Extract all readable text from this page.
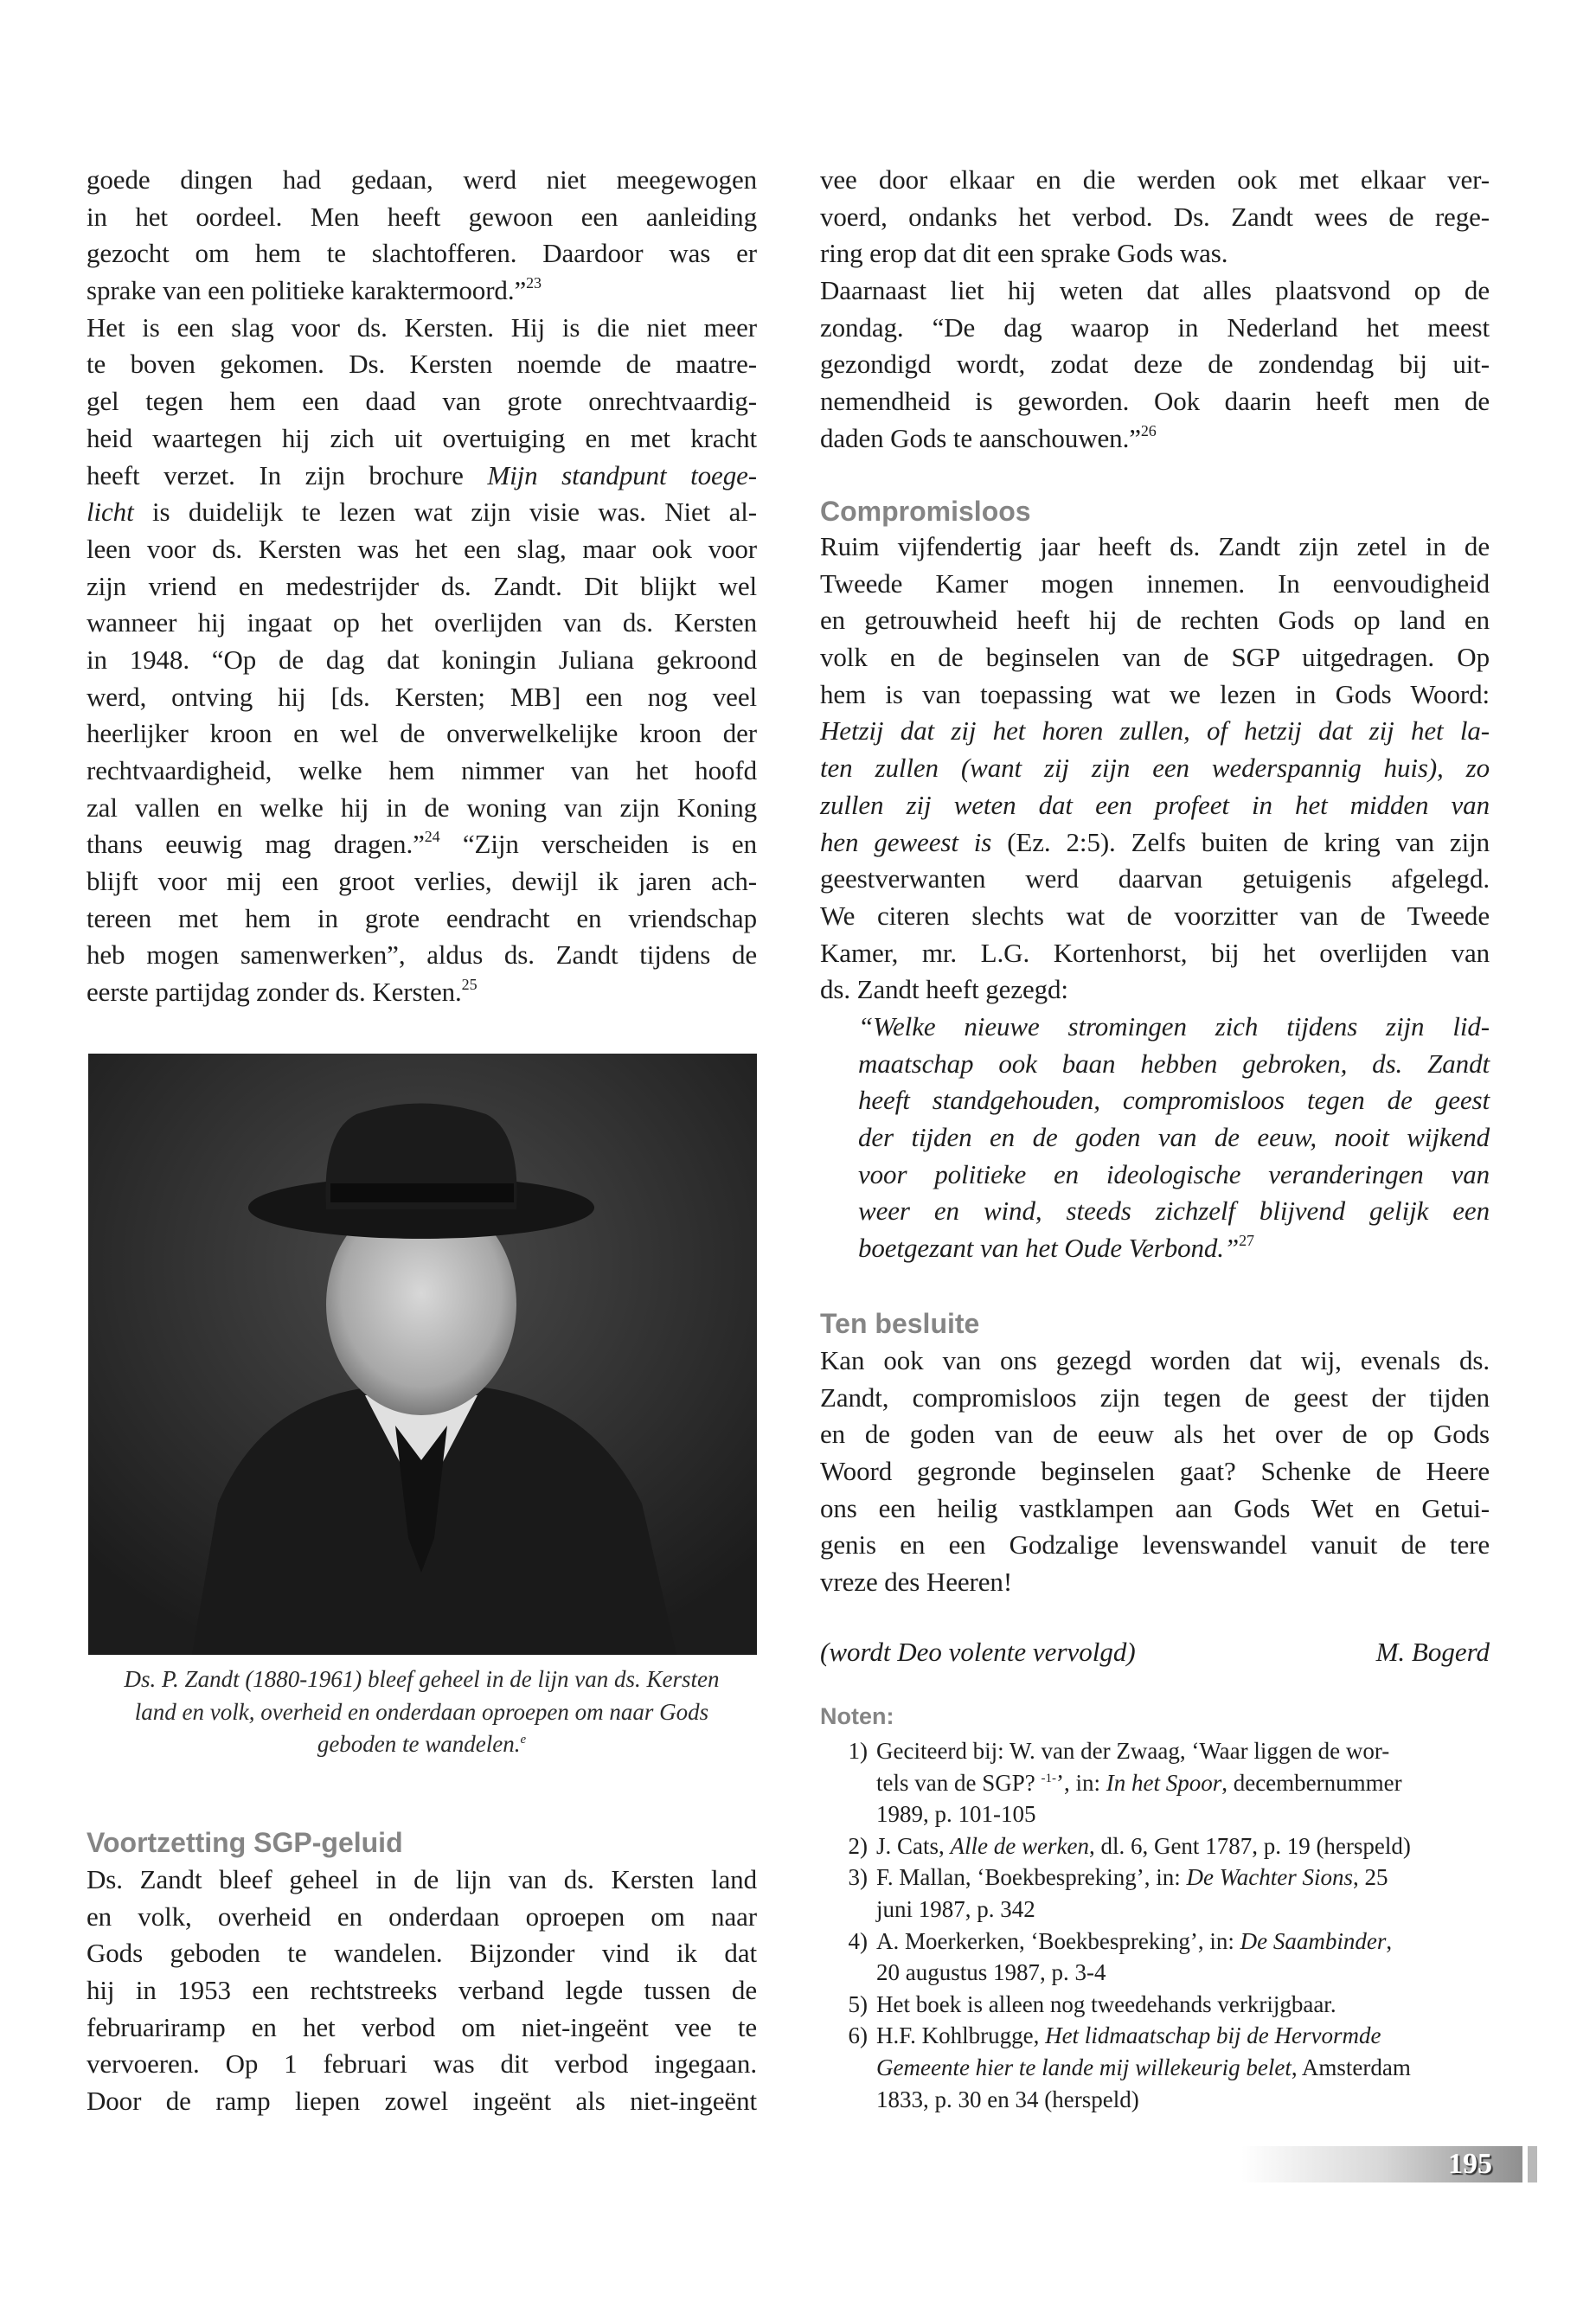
goede dingen had gedaan, werd niet meegewogen
in het oordeel. Men heeft gewoon een aanleiding
gezocht om hem te slachtofferen. Daardoor was er
sprake van een politieke karaktermoord.”$^{23}$
Het is een slag voor ds. Kersten. Hij is die niet meer
te boven gekomen. Ds. Kersten noemde de maatre-
gel tegen hem een daad van grote onrechtvaardig-
heid waartegen hij zich uit overtuiging en met kracht
heeft verzet. In zijn brochure Mijn standpunt toege-
licht is duidelijk te lezen wat zijn visie was. Niet al-
leen voor ds. Kersten was het een slag, maar ook voor
zijn vriend en medestrijder ds. Zandt. Dit blijkt wel
wanneer hij ingaat op het overlijden van ds. Kersten
in 1948. “Op de dag dat koningin Juliana gekroond
werd, ontving hij [ds. Kersten; MB] een nog veel
heerlijker kroon en wel de onverwelkelijke kroon der
rechtvaardigheid, welke hem nimmer van het hoofd
zal vallen en welke hij in de woning van zijn Koning
thans eeuwig mag dragen.”$^{24}$ “Zijn verscheiden is en
blijft voor mij een groot verlies, dewijl ik jaren ach-
tereen met hem in grote eendracht en vriendschap
heb mogen samenwerken”, aldus ds. Zandt tijdens de
eerste partijdag zonder ds. Kersten.$^{25}$
Ds. P. Zandt (1880-1961) bleef geheel in de lijn van ds. Kersten
land en volk, overheid en onderdaan oproepen om naar Gods
geboden te wandelen.$^e$
Voortzetting SGP-geluid
Ds. Zandt bleef geheel in de lijn van ds. Kersten land
en volk, overheid en onderdaan oproepen om naar
Gods geboden te wandelen. Bijzonder vind ik dat
hij in 1953 een rechtstreeks verband legde tussen de
februariramp en het verbod om niet-ingeënt vee te
vervoeren. Op 1 februari was dit verbod ingegaan.
Door de ramp liepen zowel ingeënt als niet-ingeënt
vee door elkaar en die werden ook met elkaar ver-
voerd, ondanks het verbod. Ds. Zandt wees de rege-
ring erop dat dit een sprake Gods was.
Daarnaast liet hij weten dat alles plaatsvond op de
zondag. “De dag waarop in Nederland het meest
gezondigd wordt, zodat deze de zondendag bij uit-
nemendheid is geworden. Ook daarin heeft men de
daden Gods te aanschouwen.”$^{26}$
Compromisloos
Ruim vijfendertig jaar heeft ds. Zandt zijn zetel in de
Tweede Kamer mogen innemen. In eenvoudigheid
en getrouwheid heeft hij de rechten Gods op land en
volk en de beginselen van de SGP uitgedragen. Op
hem is van toepassing wat we lezen in Gods Woord:
Hetzij dat zij het horen zullen, of hetzij dat zij het la-
ten zullen (want zij zijn een wederspannig huis), zo
zullen zij weten dat een profeet in het midden van
hen geweest is (Ez. 2:5). Zelfs buiten de kring van zijn
geestverwanten werd daarvan getuigenis afgelegd.
We citeren slechts wat de voorzitter van de Tweede
Kamer, mr. L.G. Kortenhorst, bij het overlijden van
ds. Zandt heeft gezegd:
“Welke nieuwe stromingen zich tijdens zijn lid-
maatschap ook baan hebben gebroken, ds. Zandt
heeft standgehouden, compromisloos tegen de geest
der tijden en de goden van de eeuw, nooit wijkend
voor politieke en ideologische veranderingen van
weer en wind, steeds zichzelf blijvend gelijk een
boetgezant van het Oude Verbond.”$^{27}$
Ten besluite
Kan ook van ons gezegd worden dat wij, evenals ds.
Zandt, compromisloos zijn tegen de geest der tijden
en de goden van de eeuw als het over de op Gods
Woord gegronde beginselen gaat? Schenke de Heere
ons een heilig vastklampen aan Gods Wet en Getui-
genis en een Godzalige levenswandel vanuit de tere
vreze des Heeren!
(wordt Deo volente vervolgd)	M. Bogerd
Noten:
1) Geciteerd bij: W. van der Zwaag, ‘Waar liggen de wor-
tels van de SGP? $^{-1-}$’, in: In het Spoor, decembernummer
1989, p. 101-105
2) J. Cats, Alle de werken, dl. 6, Gent 1787, p. 19 (herspeld)
3) F. Mallan, ‘Boekbespreking’, in: De Wachter Sions, 25
juni 1987, p. 342
4) A. Moerkerken, ‘Boekbespreking’, in: De Saambinder,
20 augustus 1987, p. 3-4
5) Het boek is alleen nog tweedehands verkrijgbaar.
6) H.F. Kohlbrugge, Het lidmaatschap bij de Hervormde
Gemeente hier te lande mij willekeurig belet, Amsterdam
1833, p. 30 en 34 (herspeld)
195
